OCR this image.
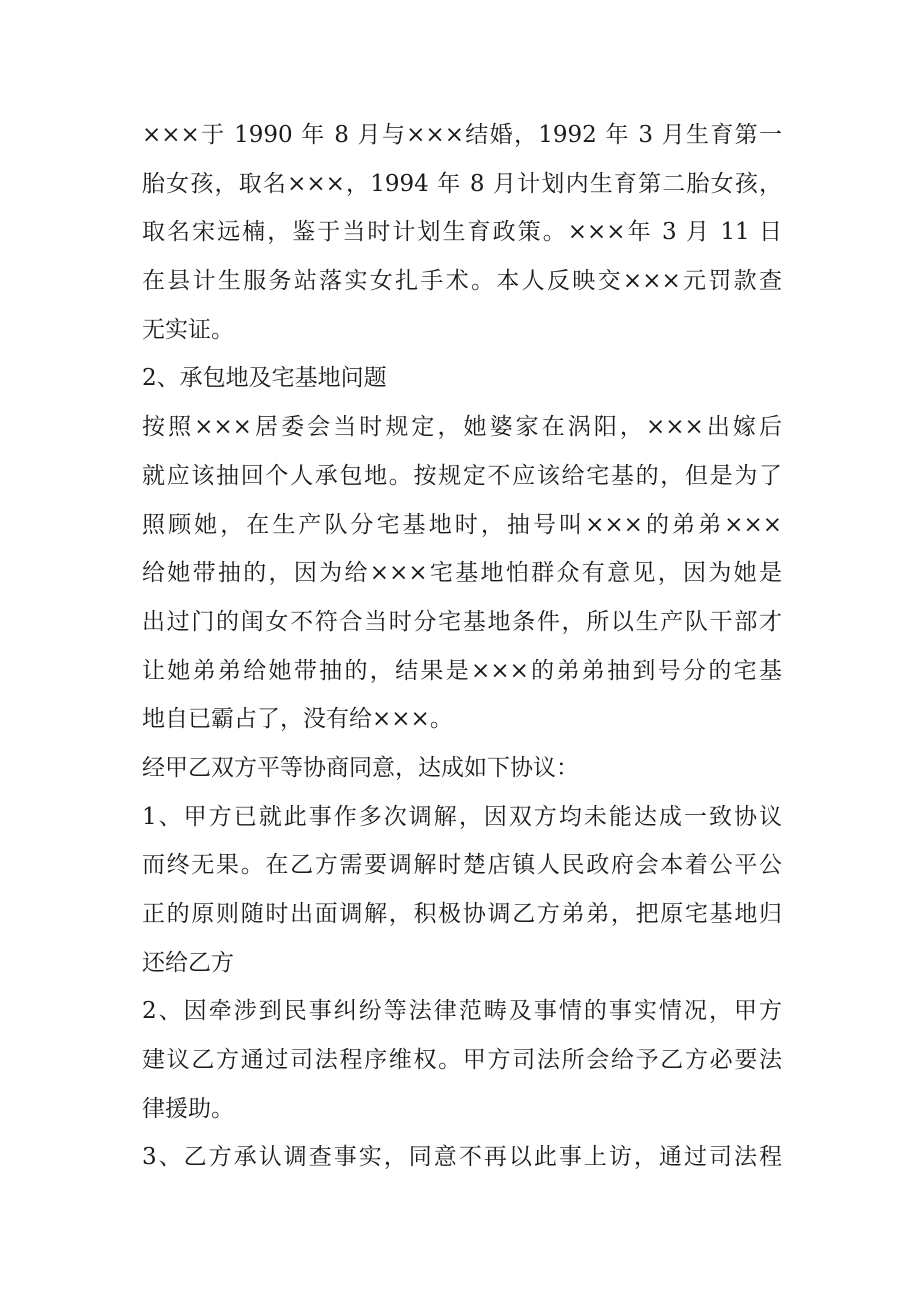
×××于 1990 年 8 月与×××结婚，1992 年 3 月生育第一
胎女孩，取名×××，1994 年 8 月计划内生育第二胎女孩，
取名宋远楠，鉴于当时计划生育政策。×××年 3 月 11 日
在县计生服务站落实女扎手术。本人反映交×××元罚款查
无实证。
2、承包地及宅基地问题
按照×××居委会当时规定，她婆家在涡阳，×××出嫁后
就应该抽回个人承包地。按规定不应该给宅基的，但是为了
照顾她，在生产队分宅基地时，抽号叫×××的弟弟×××
给她带抽的，因为给×××宅基地怕群众有意见，因为她是
出过门的闺女不符合当时分宅基地条件，所以生产队干部才
让她弟弟给她带抽的，结果是×××的弟弟抽到号分的宅基
地自已霸占了，没有给×××。
经甲乙双方平等协商同意，达成如下协议：
1、甲方已就此事作多次调解，因双方均未能达成一致协议
而终无果。在乙方需要调解时楚店镇人民政府会本着公平公
正的原则随时出面调解，积极协调乙方弟弟，把原宅基地归
还给乙方
2、因牵涉到民事纠纷等法律范畴及事情的事实情况，甲方
建议乙方通过司法程序维权。甲方司法所会给予乙方必要法
律援助。
3、乙方承认调查事实，同意不再以此事上访，通过司法程
